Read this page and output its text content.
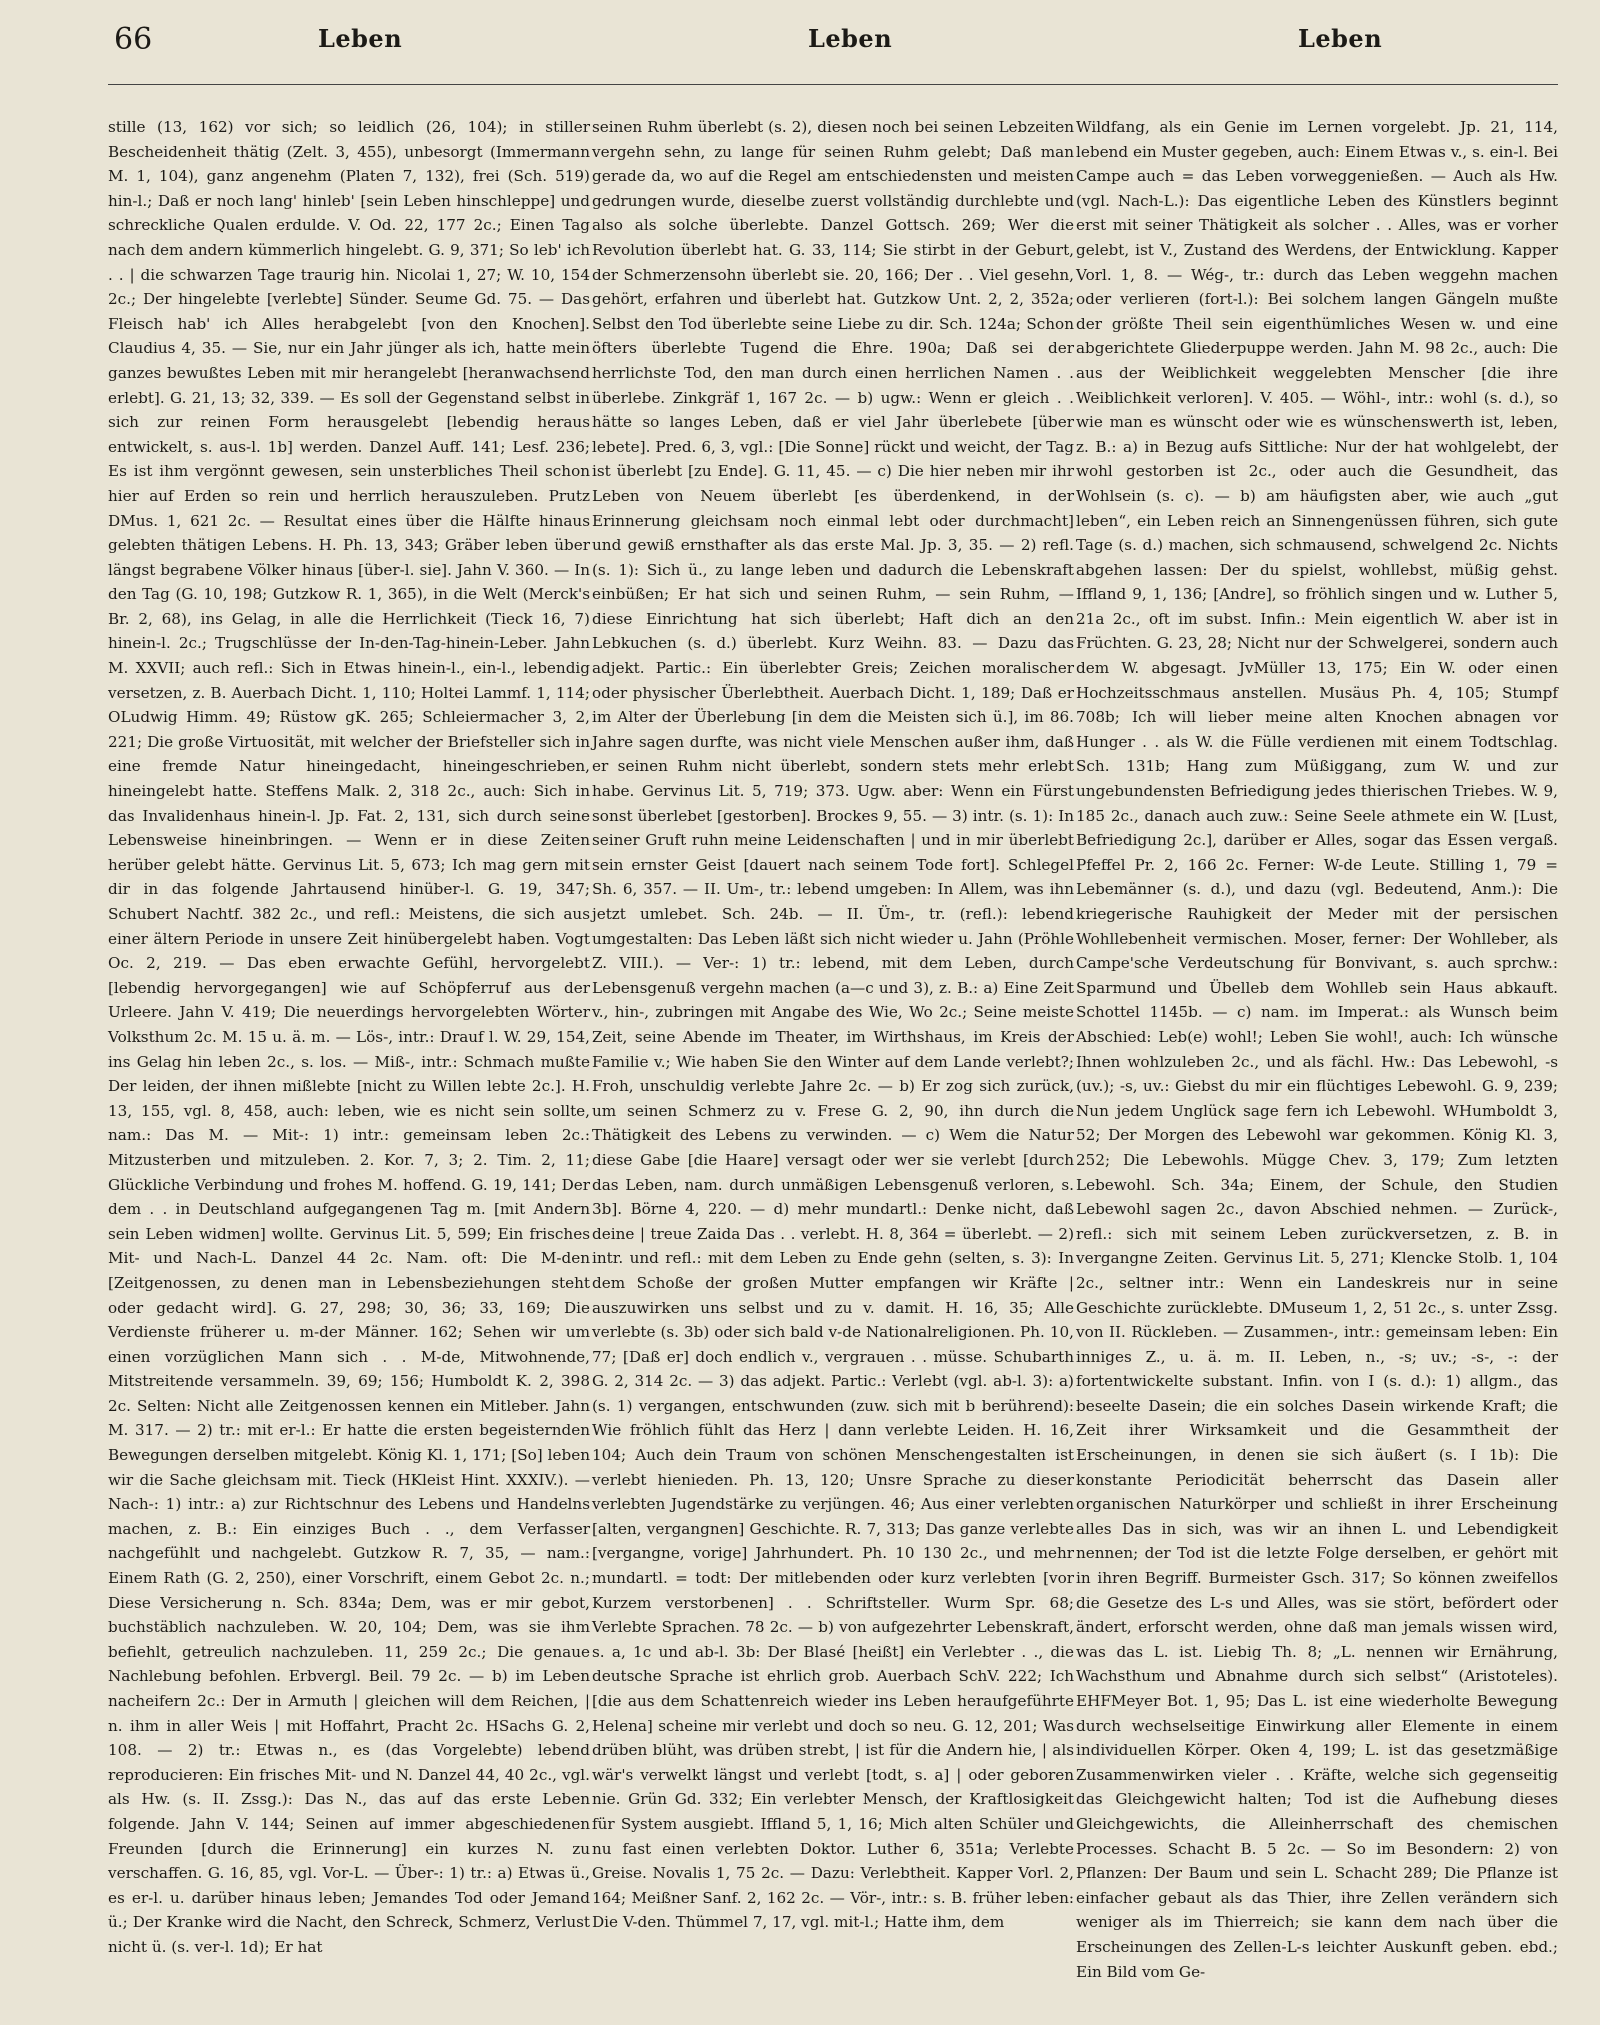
66	Leben	Leben	Leben

stille (13, 162) vor sich; so leidlich (26, 104); in stiller Bescheidenheit thätig (Zelt. 3, 455), unbesorgt (Immermann M. 1, 104), ganz angenehm (Platen 7, 132), frei (Sch. 519) hin-l.; Daß er noch lang' hinleb' [sein Leben hinschleppe] und schreckliche Qualen erdulde. V. Od. 22, 177 2c.; Einen Tag nach dem andern kümmerlich hingelebt. G. 9, 371; So leb' ich . . | die schwarzen Tage traurig hin. Nicolai 1, 27; W. 10, 154 2c.; Der hingelebte [verlebte] Sünder. Seume Gd. 75. — Das Fleisch hab' ich Alles herabgelebt [von den Knochen]. Claudius 4, 35. — Sie, nur ein Jahr jünger als ich, hatte mein ganzes bewußtes Leben mit mir herangelebt [heranwachsend erlebt]. G. 21, 13; 32, 339. — Es soll der Gegenstand selbst in sich zur reinen Form herausgelebt [lebendig heraus entwickelt, s. aus-l. 1b] werden. Danzel Auff. 141; Lesf. 236; Es ist ihm vergönnt gewesen, sein unsterbliches Theil schon hier auf Erden so rein und herrlich herauszuleben. Prutz DMus. 1, 621 2c. — Resultat eines über die Hälfte hinaus gelebten thätigen Lebens. H. Ph. 13, 343; Gräber leben über längst begrabene Völker hinaus [über-l. sie]. Jahn V. 360. — In den Tag (G. 10, 198; Gutzkow R. 1, 365), in die Welt (Merck's Br. 2, 68), ins Gelag, in alle die Herrlichkeit (Tieck 16, 7) hinein-l. 2c.; Trugschlüsse der In-den-Tag-hinein-Leber. Jahn M. XXVII; auch refl.: Sich in Etwas hinein-l., ein-l., lebendig versetzen, z. B. Auerbach Dicht. 1, 110; Holtei Lammf. 1, 114; OLudwig Himm. 49; Rüstow gK. 265; Schleiermacher 3, 2, 221; Die große Virtuosität, mit welcher der Briefsteller sich in eine fremde Natur hineingedacht, hineingeschrieben, hineingelebt hatte. Steffens Malk. 2, 318 2c., auch: Sich in das Invalidenhaus hinein-l. Jp. Fat. 2, 131, sich durch seine Lebensweise hineinbringen. — Wenn er in diese Zeiten herüber gelebt hätte. Gervinus Lit. 5, 673; Ich mag gern mit dir in das folgende Jahrtausend hinüber-l. G. 19, 347; Schubert Nachtf. 382 2c., und refl.: Meistens, die sich aus einer ältern Periode in unsere Zeit hinübergelebt haben. Vogt Oc. 2, 219. — Das eben erwachte Gefühl, hervorgelebt [lebendig hervorgegangen] wie auf Schöpferruf aus der Urleere. Jahn V. 419; Die neuerdings hervorgelebten Wörter Volksthum 2c. M. 15 u. ä. m. — Lös-, intr.: Drauf l. W. 29, 154, ins Gelag hin leben 2c., s. los. — Miß-, intr.: Schmach mußte Der leiden, der ihnen mißlebte [nicht zu Willen lebte 2c.]. H. 13, 155, vgl. 8, 458, auch: leben, wie es nicht sein sollte, nam.: Das M. — Mit-: 1) intr.: gemeinsam leben 2c.: Mitzusterben und mitzuleben. 2. Kor. 7, 3; 2. Tim. 2, 11; Glückliche Verbindung und frohes M. hoffend. G. 19, 141; Der dem . . in Deutschland aufgegangenen Tag m. [mit Andern sein Leben widmen] wollte. Gervinus Lit. 5, 599; Ein frisches Mit- und Nach-L. Danzel 44 2c. Nam. oft: Die M-den [Zeitgenossen, zu denen man in Lebensbeziehungen steht oder gedacht wird]. G. 27, 298; 30, 36; 33, 169; Die Verdienste früherer u. m-der Männer. 162; Sehen wir um einen vorzüglichen Mann sich . . M-de, Mitwohnende, Mitstreitende versammeln. 39, 69; 156; Humboldt K. 2, 398 2c. Selten: Nicht alle Zeitgenossen kennen ein Mitleber. Jahn M. 317. — 2) tr.: mit er-l.: Er hatte die ersten begeisternden Bewegungen derselben mitgelebt. König Kl. 1, 171; [So] leben wir die Sache gleichsam mit. Tieck (HKleist Hint. XXXIV.). — Nach-: 1) intr.: a) zur Richtschnur des Lebens und Handelns machen, z. B.: Ein einziges Buch . ., dem Verfasser nachgefühlt und nachgelebt. Gutzkow R. 7, 35, — nam.: Einem Rath (G. 2, 250), einer Vorschrift, einem Gebot 2c. n.; Diese Versicherung n. Sch. 834a; Dem, was er mir gebot, buchstäblich nachzuleben. W. 20, 104; Dem, was sie ihm befiehlt, getreulich nachzuleben. 11, 259 2c.; Die genaue Nachlebung befohlen. Erbvergl. Beil. 79 2c. — b) im Leben nacheifern 2c.: Der in Armuth | gleichen will dem Reichen, | n. ihm in aller Weis | mit Hoffahrt, Pracht 2c. HSachs G. 2, 108. — 2) tr.: Etwas n., es (das Vorgelebte) lebend reproducieren: Ein frisches Mit- und N. Danzel 44, 40 2c., vgl. als Hw. (s. II. Zssg.): Das N., das auf das erste Leben folgende. Jahn V. 144; Seinen auf immer abgeschiedenen Freunden [durch die Erinnerung] ein kurzes N. zu verschaffen. G. 16, 85, vgl. Vor-L. — Über-: 1) tr.: a) Etwas ü., es er-l. u. darüber hinaus leben; Jemandes Tod oder Jemand ü.; Der Kranke wird die Nacht, den Schreck, Schmerz, Verlust nicht ü. (s. ver-l. 1d); Er hat

seinen Ruhm überlebt (s. 2), diesen noch bei seinen Lebzeiten vergehn sehn, zu lange für seinen Ruhm gelebt; Daß man gerade da, wo auf die Regel am entschiedensten und meisten gedrungen wurde, dieselbe zuerst vollständig durchlebte und also als solche überlebte. Danzel Gottsch. 269; Wer die Revolution überlebt hat. G. 33, 114; Sie stirbt in der Geburt, der Schmerzensohn überlebt sie. 20, 166; Der . . Viel gesehn, gehört, erfahren und überlebt hat. Gutzkow Unt. 2, 2, 352a; Selbst den Tod überlebte seine Liebe zu dir. Sch. 124a; Schon öfters überlebte Tugend die Ehre. 190a; Daß sei der herrlichste Tod, den man durch einen herrlichen Namen . . überlebe. Zinkgräf 1, 167 2c. — b) ugw.: Wenn er gleich . . hätte so langes Leben, daß er viel Jahr überlebete [über lebete]. Pred. 6, 3, vgl.: [Die Sonne] rückt und weicht, der Tag ist überlebt [zu Ende]. G. 11, 45. — c) Die hier neben mir ihr Leben von Neuem überlebt [es überdenkend, in der Erinnerung gleichsam noch einmal lebt oder durchmacht] und gewiß ernsthafter als das erste Mal. Jp. 3, 35. — 2) refl. (s. 1): Sich ü., zu lange leben und dadurch die Lebenskraft einbüßen; Er hat sich und seinen Ruhm, — sein Ruhm, — diese Einrichtung hat sich überlebt; Haft dich an den Lebkuchen (s. d.) überlebt. Kurz Weihn. 83. — Dazu das adjekt. Partic.: Ein überlebter Greis; Zeichen moralischer oder physischer Überlebtheit. Auerbach Dicht. 1, 189; Daß er im Alter der Überlebung [in dem die Meisten sich ü.], im 86. Jahre sagen durfte, was nicht viele Menschen außer ihm, daß er seinen Ruhm nicht überlebt, sondern stets mehr erlebt habe. Gervinus Lit. 5, 719; 373. Ugw. aber: Wenn ein Fürst sonst überlebet [gestorben]. Brockes 9, 55. — 3) intr. (s. 1): In seiner Gruft ruhn meine Leidenschaften | und in mir überlebt sein ernster Geist [dauert nach seinem Tode fort]. Schlegel Sh. 6, 357. — II. Um-, tr.: lebend umgeben: In Allem, was ihn jetzt umlebet. Sch. 24b. — II. Üm-, tr. (refl.): lebend umgestalten: Das Leben läßt sich nicht wieder u. Jahn (Pröhle Z. VIII.). — Ver-: 1) tr.: lebend, mit dem Leben, durch Lebensgenuß vergehn machen (a—c und 3), z. B.: a) Eine Zeit v., hin-, zubringen mit Angabe des Wie, Wo 2c.; Seine meiste Zeit, seine Abende im Theater, im Wirthshaus, im Kreis der Familie v.; Wie haben Sie den Winter auf dem Lande verlebt?; Froh, unschuldig verlebte Jahre 2c. — b) Er zog sich zurück, um seinen Schmerz zu v. Frese G. 2, 90, ihn durch die Thätigkeit des Lebens zu verwinden. — c) Wem die Natur diese Gabe [die Haare] versagt oder wer sie verlebt [durch das Leben, nam. durch unmäßigen Lebensgenuß verloren, s. 3b]. Börne 4, 220. — d) mehr mundartl.: Denke nicht, daß deine | treue Zaida Das . . verlebt. H. 8, 364 = überlebt. — 2) intr. und refl.: mit dem Leben zu Ende gehn (selten, s. 3): In dem Schoße der großen Mutter empfangen wir Kräfte | auszuwirken uns selbst und zu v. damit. H. 16, 35; Alle verlebte (s. 3b) oder sich bald v-de Nationalreligionen. Ph. 10, 77; [Daß er] doch endlich v., vergrauen . . müsse. Schubarth G. 2, 314 2c. — 3) das adjekt. Partic.: Verlebt (vgl. ab-l. 3): a) (s. 1) vergangen, entschwunden (zuw. sich mit b berührend): Wie fröhlich fühlt das Herz | dann verlebte Leiden. H. 16, 104; Auch dein Traum von schönen Menschengestalten ist verlebt hienieden. Ph. 13, 120; Unsre Sprache zu dieser verlebten Jugendstärke zu verjüngen. 46; Aus einer verlebten [alten, vergangnen] Geschichte. R. 7, 313; Das ganze verlebte [vergangne, vorige] Jahrhundert. Ph. 10 130 2c., und mehr mundartl. = todt: Der mitlebenden oder kurz verlebten [vor Kurzem verstorbenen] . . Schriftsteller. Wurm Spr. 68; Verlebte Sprachen. 78 2c. — b) von aufgezehrter Lebenskraft, s. a, 1c und ab-l. 3b: Der Blasé [heißt] ein Verlebter . ., die deutsche Sprache ist ehrlich grob. Auerbach SchV. 222; Ich [die aus dem Schattenreich wieder ins Leben heraufgeführte Helena] scheine mir verlebt und doch so neu. G. 12, 201; Was drüben blüht, was drüben strebt, | ist für die Andern hie, | als wär's verwelkt längst und verlebt [todt, s. a] | oder geboren nie. Grün Gd. 332; Ein verlebter Mensch, der Kraftlosigkeit für System ausgiebt. Iffland 5, 1, 16; Mich alten Schüler und nu fast einen verlebten Doktor. Luther 6, 351a; Verlebte Greise. Novalis 1, 75 2c. — Dazu: Verlebtheit. Kapper Vorl. 2, 164; Meißner Sanf. 2, 162 2c. — Vör-, intr.: s. B. früher leben: Die V-den. Thümmel 7, 17, vgl. mit-l.; Hatte ihm, dem

Wildfang, als ein Genie im Lernen vorgelebt. Jp. 21, 114, lebend ein Muster gegeben, auch: Einem Etwas v., s. ein-l. Bei Campe auch = das Leben vorweggenießen. — Auch als Hw. (vgl. Nach-L.): Das eigentliche Leben des Künstlers beginnt erst mit seiner Thätigkeit als solcher . . Alles, was er vorher gelebt, ist V., Zustand des Werdens, der Entwicklung. Kapper Vorl. 1, 8. — Wég-, tr.: durch das Leben weggehn machen oder verlieren (fort-l.): Bei solchem langen Gängeln mußte der größte Theil sein eigenthümliches Wesen w. und eine abgerichtete Gliederpuppe werden. Jahn M. 98 2c., auch: Die aus der Weiblichkeit weggelebten Menscher [die ihre Weiblichkeit verloren]. V. 405. — Wöhl-, intr.: wohl (s. d.), so wie man es wünscht oder wie es wünschenswerth ist, leben, z. B.: a) in Bezug aufs Sittliche: Nur der hat wohlgelebt, der wohl gestorben ist 2c., oder auch die Gesundheit, das Wohlsein (s. c). — b) am häufigsten aber, wie auch „gut leben“, ein Leben reich an Sinnengenüssen führen, sich gute Tage (s. d.) machen, sich schmausend, schwelgend 2c. Nichts abgehen lassen: Der du spielst, wohllebst, müßig gehst. Iffland 9, 1, 136; [Andre], so fröhlich singen und w. Luther 5, 21a 2c., oft im subst. Infin.: Mein eigentlich W. aber ist in Früchten. G. 23, 28; Nicht nur der Schwelgerei, sondern auch dem W. abgesagt. JvMüller 13, 175; Ein W. oder einen Hochzeitsschmaus anstellen. Musäus Ph. 4, 105; Stumpf 708b; Ich will lieber meine alten Knochen abnagen vor Hunger . . als W. die Fülle verdienen mit einem Todtschlag. Sch. 131b; Hang zum Müßiggang, zum W. und zur ungebundensten Befriedigung jedes thierischen Triebes. W. 9, 185 2c., danach auch zuw.: Seine Seele athmete ein W. [Lust, Befriedigung 2c.], darüber er Alles, sogar das Essen vergaß. Pfeffel Pr. 2, 166 2c. Ferner: W-de Leute. Stilling 1, 79 = Lebemänner (s. d.), und dazu (vgl. Bedeutend, Anm.): Die kriegerische Rauhigkeit der Meder mit der persischen Wohllebenheit vermischen. Moser, ferner: Der Wohlleber, als Campe'sche Verdeutschung für Bonvivant, s. auch sprchw.: Sparmund und Übelleb dem Wohlleb sein Haus abkauft. Schottel 1145b. — c) nam. im Imperat.: als Wunsch beim Abschied: Leb(e) wohl!; Leben Sie wohl!, auch: Ich wünsche Ihnen wohlzuleben 2c., und als fächl. Hw.: Das Lebewohl, -s (uv.); -s, uv.: Giebst du mir ein flüchtiges Lebewohl. G. 9, 239; Nun jedem Unglück sage fern ich Lebewohl. WHumboldt 3, 52; Der Morgen des Lebewohl war gekommen. König Kl. 3, 252; Die Lebewohls. Mügge Chev. 3, 179; Zum letzten Lebewohl. Sch. 34a; Einem, der Schule, den Studien Lebewohl sagen 2c., davon Abschied nehmen. — Zurück-, refl.: sich mit seinem Leben zurückversetzen, z. B. in vergangne Zeiten. Gervinus Lit. 5, 271; Klencke Stolb. 1, 104 2c., seltner intr.: Wenn ein Landeskreis nur in seine Geschichte zurücklebte. DMuseum 1, 2, 51 2c., s. unter Zssg. von II. Rückleben. — Zusammen-, intr.: gemeinsam leben: Ein inniges Z., u. ä. m. II. Leben, n., -s; uv.; -s-, -: der fortentwickelte substant. Infin. von I (s. d.): 1) allgm., das beseelte Dasein; die ein solches Dasein wirkende Kraft; die Zeit ihrer Wirksamkeit und die Gesammtheit der Erscheinungen, in denen sie sich äußert (s. I 1b): Die konstante Periodicität beherrscht das Dasein aller organischen Naturkörper und schließt in ihrer Erscheinung alles Das in sich, was wir an ihnen L. und Lebendigkeit nennen; der Tod ist die letzte Folge derselben, er gehört mit in ihren Begriff. Burmeister Gsch. 317; So können zweifellos die Gesetze des L-s und Alles, was sie stört, befördert oder ändert, erforscht werden, ohne daß man jemals wissen wird, was das L. ist. Liebig Th. 8; „L. nennen wir Ernährung, Wachsthum und Abnahme durch sich selbst“ (Aristoteles). EHFMeyer Bot. 1, 95; Das L. ist eine wiederholte Bewegung durch wechselseitige Einwirkung aller Elemente in einem individuellen Körper. Oken 4, 199; L. ist das gesetzmäßige Zusammenwirken vieler . . Kräfte, welche sich gegenseitig das Gleichgewicht halten; Tod ist die Aufhebung dieses Gleichgewichts, die Alleinherrschaft des chemischen Processes. Schacht B. 5 2c. — So im Besondern: 2) von Pflanzen: Der Baum und sein L. Schacht 289; Die Pflanze ist einfacher gebaut als das Thier, ihre Zellen verändern sich weniger als im Thierreich; sie kann dem nach über die Erscheinungen des Zellen-L-s leichter Auskunft geben. ebd.; Ein Bild vom Ge-
